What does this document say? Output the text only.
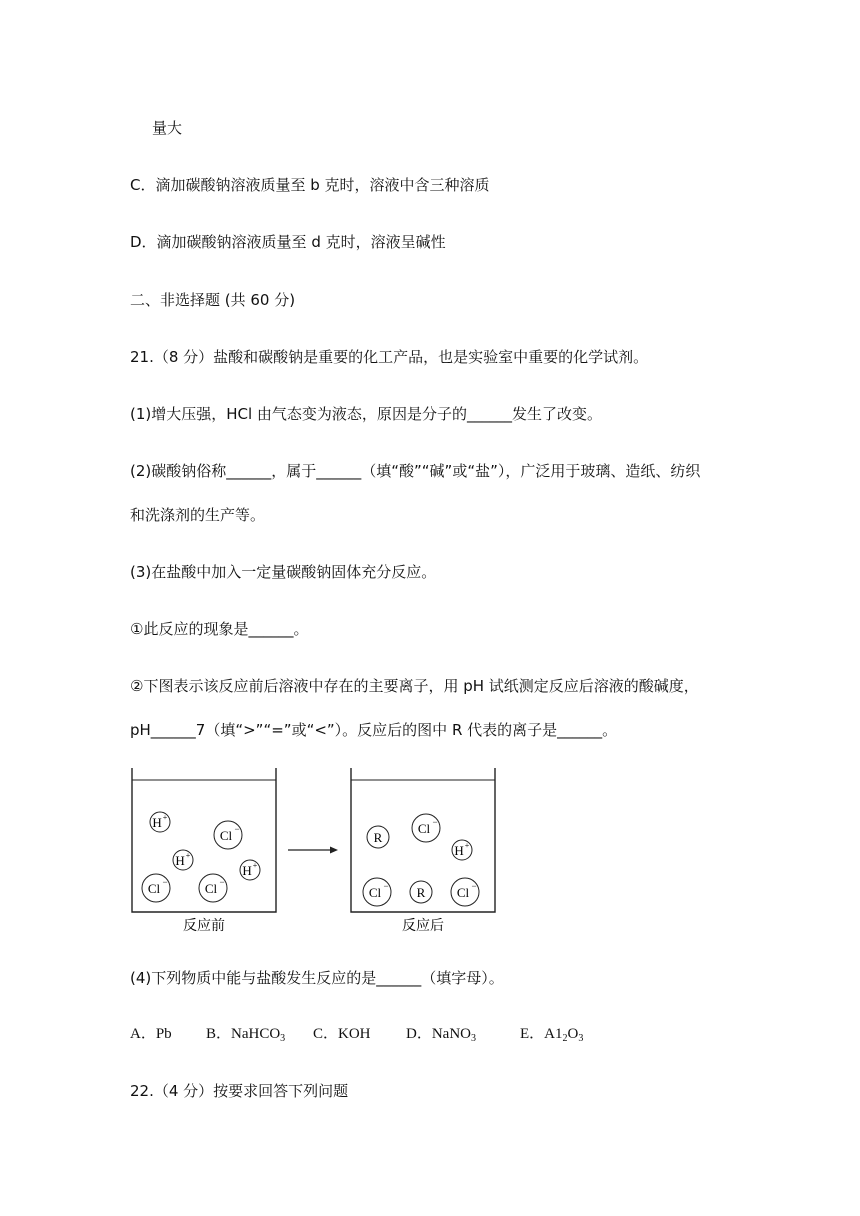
量大
C．滴加碳酸钠溶液质量至 b 克时，溶液中含三种溶质
D．滴加碳酸钠溶液质量至 d 克时，溶液呈碱性
二、非选择题 (共 60 分)
21.（8 分）盐酸和碳酸钠是重要的化工产品，也是实验室中重要的化学试剂。
(1)增大压强，HCl 由气态变为液态，原因是分子的______发生了改变。
(2)碳酸钠俗称______，属于______（填“酸”“碱”或“盐”），广泛用于玻璃、造纸、纺织
和洗涤剂的生产等。
(3)在盐酸中加入一定量碳酸钠固体充分反应。
①此反应的现象是______。
②下图表示该反应前后溶液中存在的主要离子，用 pH 试纸测定反应后溶液的酸碱度，
pH______7（填“>”“=”或“<”）。反应后的图中 R 代表的离子是______。
H +
Cl −
H +
H +
Cl −	Cl −
R
Cl −
H +
Cl − R Cl −
反应前	反应后
(4)下列物质中能与盐酸发生反应的是______（填字母）。
A．Pb B．NaHCO$_3$ C．KOH D．NaNO$_3$	E．$A1_2O_3$
22.（4 分）按要求回答下列问题
